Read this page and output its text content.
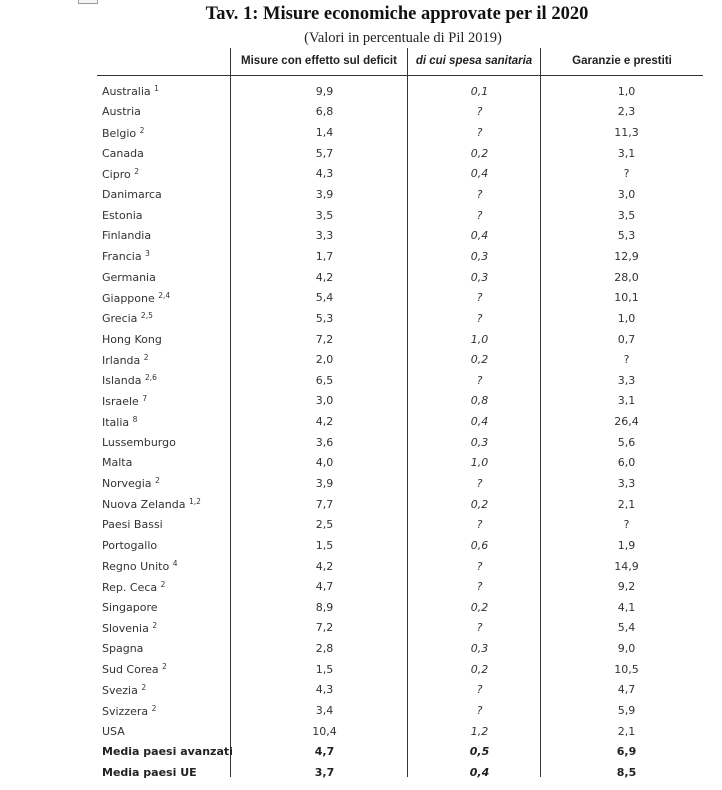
Tav. 1: Misure economiche approvate per il 2020
(Valori in percentuale di Pil 2019)
Misure con effetto sul deficit	di cui spesa sanitaria	Garanzie e prestiti
Australia $^1$	9,9	0,1	1,0
Austria	6,8	?	2,3
Belgio $^2$	1,4	?	11,3
Canada	5,7	0,2	3,1
Cipro $^2$	4,3	0,4	?
Danimarca	3,9	?	3,0
Estonia	3,5	?	3,5
Finlandia	3,3	0,4	5,3
Francia $^3$	1,7	0,3	12,9
Germania	4,2	0,3	28,0
Giappone $^{2,4}$	5,4	?	10,1
Grecia $^{2,5}$	5,3	?	1,0
Hong Kong	7,2	1,0	0,7
Irlanda $^2$	2,0	0,2	?
Islanda $^{2,6}$	6,5	?	3,3
Israele $^7$	3,0	0,8	3,1
Italia $^8$	4,2	0,4	26,4
Lussemburgo	3,6	0,3	5,6
Malta	4,0	1,0	6,0
Norvegia $^2$	3,9	?	3,3
Nuova Zelanda $^{1,2}$	7,7	0,2	2,1
Paesi Bassi	2,5	?	?
Portogallo	1,5	0,6	1,9
Regno Unito $^4$	4,2	?	14,9
Rep. Ceca $^2$	4,7	?	9,2
Singapore	8,9	0,2	4,1
Slovenia $^2$	7,2	?	5,4
Spagna	2,8	0,3	9,0
Sud Corea $^2$	1,5	0,2	10,5
Svezia $^2$	4,3	?	4,7
Svizzera $^2$	3,4	?	5,9
USA	10,4	1,2	2,1
Media paesi avanzati	4,7	0,5	6,9
Media paesi UE	3,7	0,4	8,5
